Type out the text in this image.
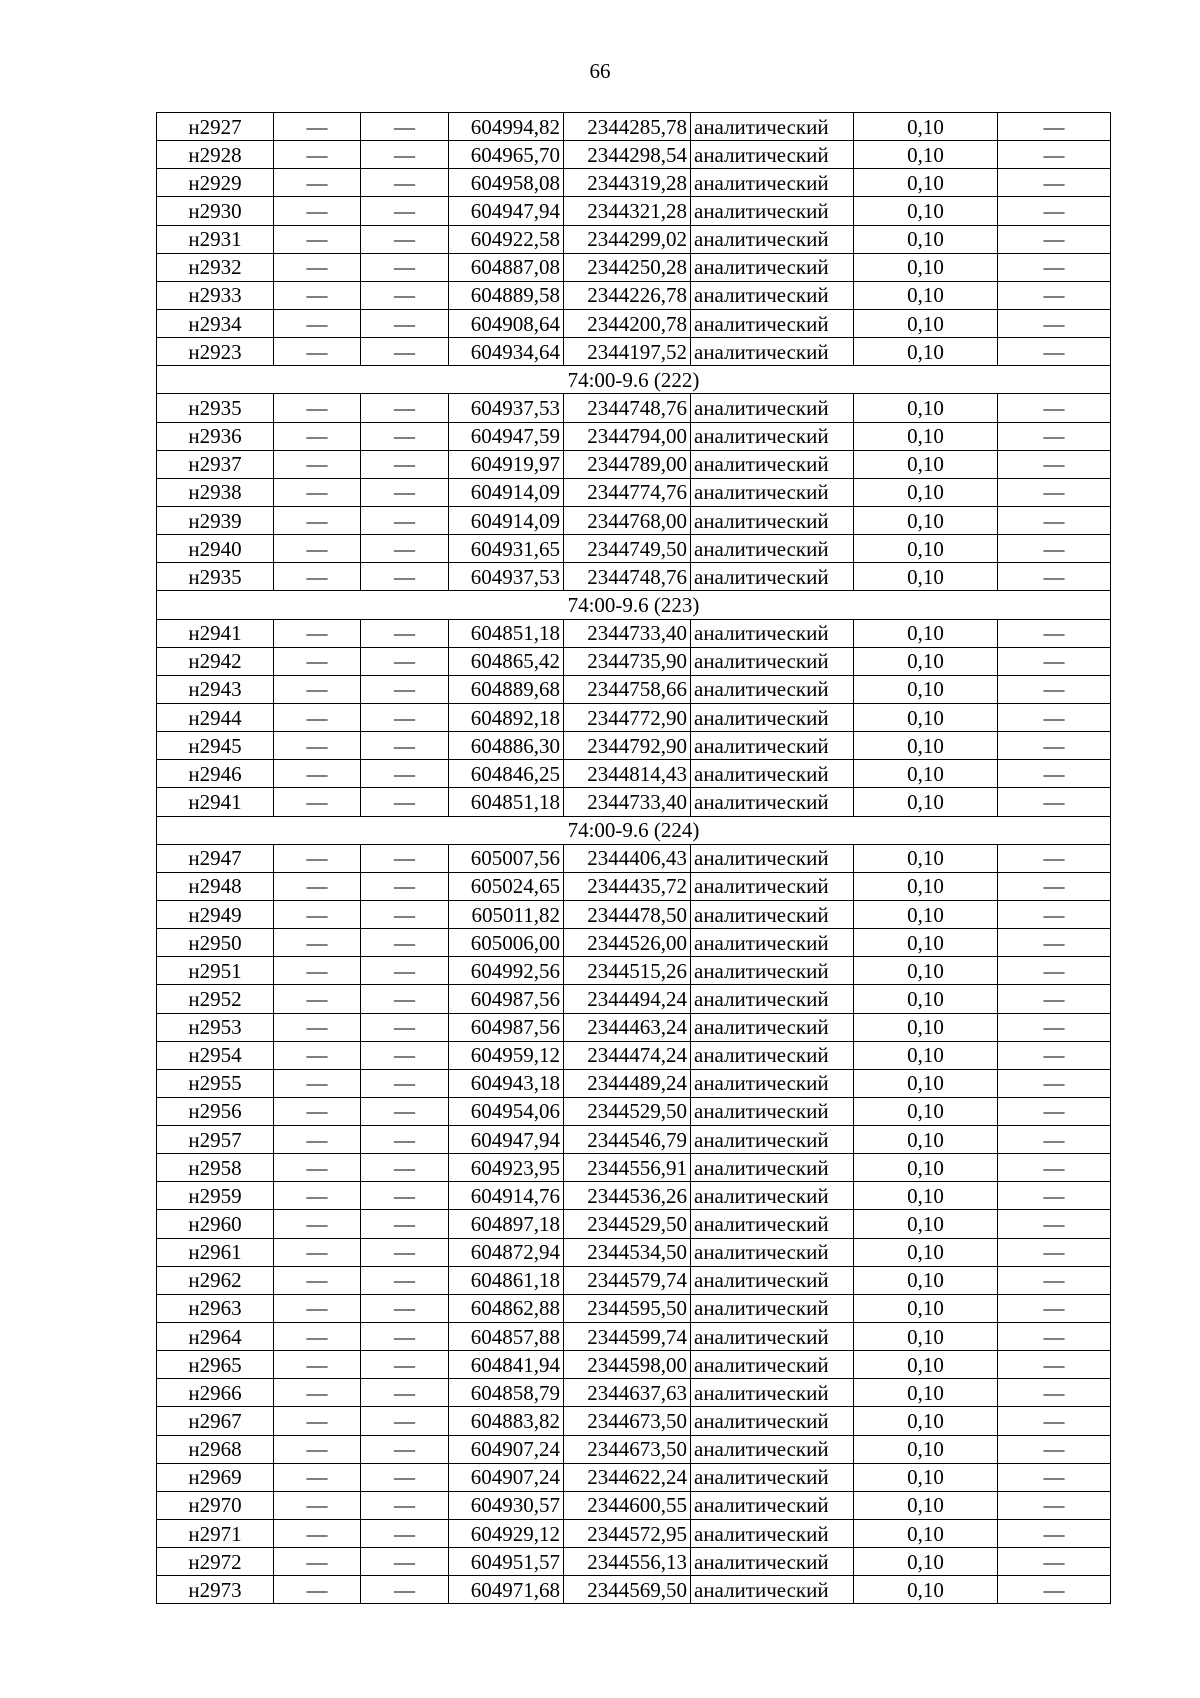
66
н2927	—	—	604994,82	2344285,78	аналитический	0,10	—
н2928	—	—	604965,70	2344298,54	аналитический	0,10	—
н2929	—	—	604958,08	2344319,28	аналитический	0,10	—
н2930	—	—	604947,94	2344321,28	аналитический	0,10	—
н2931	—	—	604922,58	2344299,02	аналитический	0,10	—
н2932	—	—	604887,08	2344250,28	аналитический	0,10	—
н2933	—	—	604889,58	2344226,78	аналитический	0,10	—
н2934	—	—	604908,64	2344200,78	аналитический	0,10	—
н2923	—	—	604934,64	2344197,52	аналитический	0,10	—
74:00-9.6 (222)							
н2935	—	—	604937,53	2344748,76	аналитический	0,10	—
н2936	—	—	604947,59	2344794,00	аналитический	0,10	—
н2937	—	—	604919,97	2344789,00	аналитический	0,10	—
н2938	—	—	604914,09	2344774,76	аналитический	0,10	—
н2939	—	—	604914,09	2344768,00	аналитический	0,10	—
н2940	—	—	604931,65	2344749,50	аналитический	0,10	—
н2935	—	—	604937,53	2344748,76	аналитический	0,10	—
74:00-9.6 (223)							
н2941	—	—	604851,18	2344733,40	аналитический	0,10	—
н2942	—	—	604865,42	2344735,90	аналитический	0,10	—
н2943	—	—	604889,68	2344758,66	аналитический	0,10	—
н2944	—	—	604892,18	2344772,90	аналитический	0,10	—
н2945	—	—	604886,30	2344792,90	аналитический	0,10	—
н2946	—	—	604846,25	2344814,43	аналитический	0,10	—
н2941	—	—	604851,18	2344733,40	аналитический	0,10	—
74:00-9.6 (224)							
н2947	—	—	605007,56	2344406,43	аналитический	0,10	—
н2948	—	—	605024,65	2344435,72	аналитический	0,10	—
н2949	—	—	605011,82	2344478,50	аналитический	0,10	—
н2950	—	—	605006,00	2344526,00	аналитический	0,10	—
н2951	—	—	604992,56	2344515,26	аналитический	0,10	—
н2952	—	—	604987,56	2344494,24	аналитический	0,10	—
н2953	—	—	604987,56	2344463,24	аналитический	0,10	—
н2954	—	—	604959,12	2344474,24	аналитический	0,10	—
н2955	—	—	604943,18	2344489,24	аналитический	0,10	—
н2956	—	—	604954,06	2344529,50	аналитический	0,10	—
н2957	—	—	604947,94	2344546,79	аналитический	0,10	—
н2958	—	—	604923,95	2344556,91	аналитический	0,10	—
н2959	—	—	604914,76	2344536,26	аналитический	0,10	—
н2960	—	—	604897,18	2344529,50	аналитический	0,10	—
н2961	—	—	604872,94	2344534,50	аналитический	0,10	—
н2962	—	—	604861,18	2344579,74	аналитический	0,10	—
н2963	—	—	604862,88	2344595,50	аналитический	0,10	—
н2964	—	—	604857,88	2344599,74	аналитический	0,10	—
н2965	—	—	604841,94	2344598,00	аналитический	0,10	—
н2966	—	—	604858,79	2344637,63	аналитический	0,10	—
н2967	—	—	604883,82	2344673,50	аналитический	0,10	—
н2968	—	—	604907,24	2344673,50	аналитический	0,10	—
н2969	—	—	604907,24	2344622,24	аналитический	0,10	—
н2970	—	—	604930,57	2344600,55	аналитический	0,10	—
н2971	—	—	604929,12	2344572,95	аналитический	0,10	—
н2972	—	—	604951,57	2344556,13	аналитический	0,10	—
н2973	—	—	604971,68	2344569,50	аналитический	0,10	—
